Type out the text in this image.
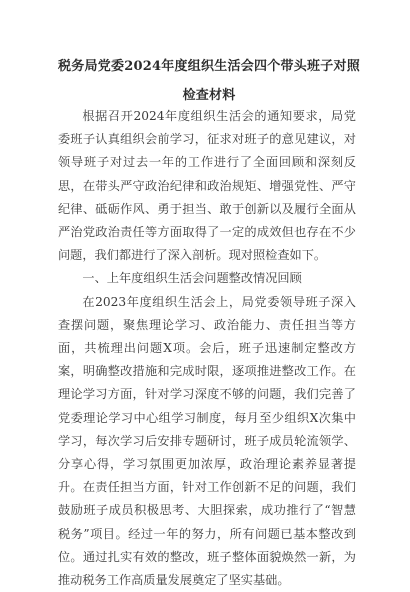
税务局党委2024年度组织生活会四个带头班子对照检查材料

根据召开2024年度组织生活会的通知要求，局党委班子认真组织会前学习，征求对班子的意见建议，对领导班子对过去一年的工作进行了全面回顾和深刻反思，在带头严守政治纪律和政治规矩、增强党性、严守纪律、砥砺作风、勇于担当、敢于创新以及履行全面从严治党政治责任等方面取得了一定的成效但也存在不少问题，我们都进行了深入剖析。现对照检查如下。

一、上年度组织生活会问题整改情况回顾

在2023年度组织生活会上，局党委领导班子深入查摆问题，聚焦理论学习、政治能力、责任担当等方面，共梳理出问题X项。会后，班子迅速制定整改方案，明确整改措施和完成时限，逐项推进整改工作。在理论学习方面，针对学习深度不够的问题，我们完善了党委理论学习中心组学习制度，每月至少组织X次集中学习，每次学习后安排专题研讨，班子成员轮流领学、分享心得，学习氛围更加浓厚，政治理论素养显著提升。在责任担当方面，针对工作创新不足的问题，我们鼓励班子成员积极思考、大胆探索，成功推行了“智慧税务”项目。经过一年的努力，所有问题已基本整改到位。通过扎实有效的整改，班子整体面貌焕然一新，为推动税务工作高质量发展奠定了坚实基础。
